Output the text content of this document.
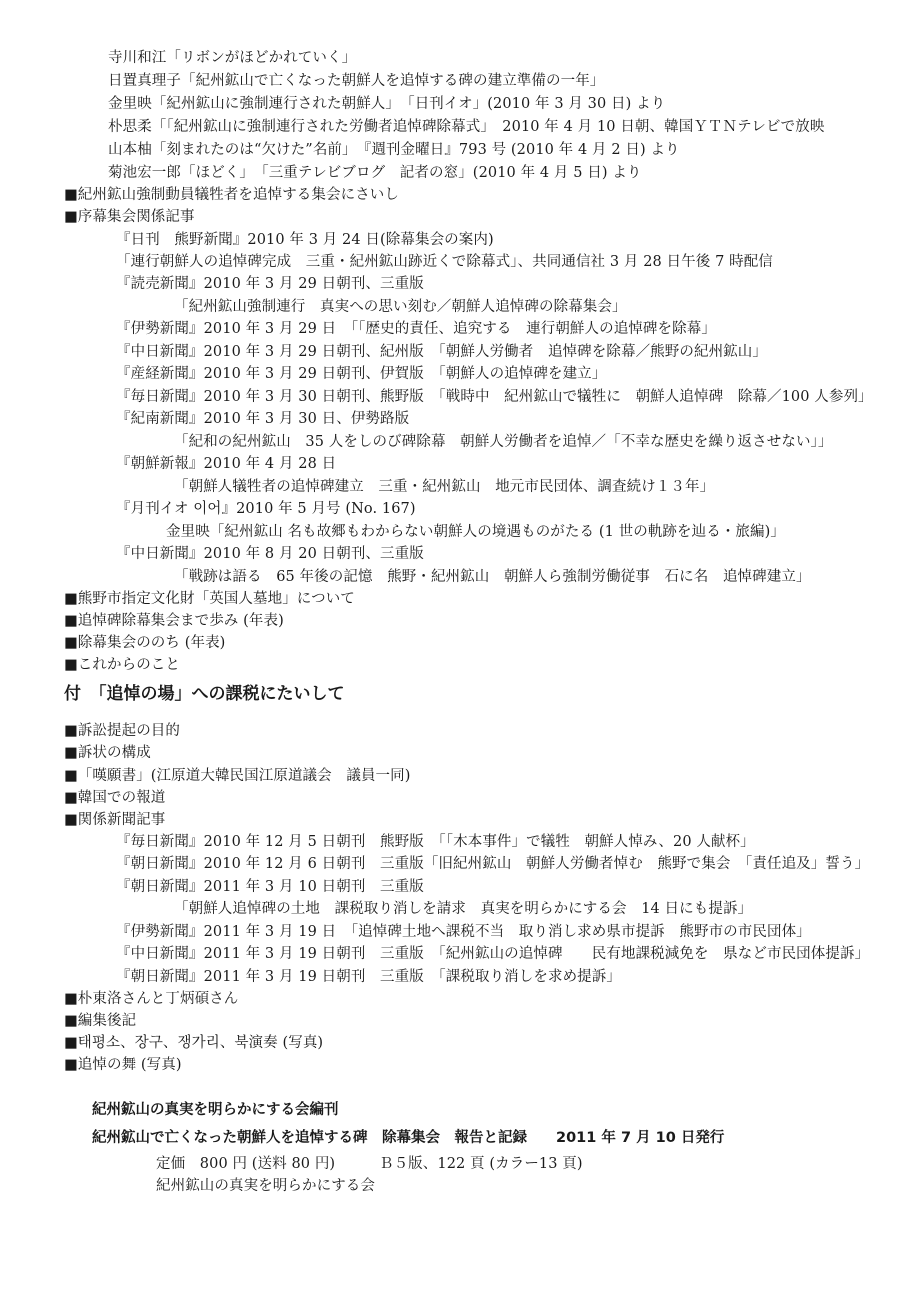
寺川和江「リボンがほどかれていく」
日置真理子「紀州鉱山で亡くなった朝鮮人を追悼する碑の建立準備の一年」
金里映「紀州鉱山に強制連行された朝鮮人」　「日刊イオ」(2010 年 3 月 30 日) より
朴思柔「「紀州鉱山に強制連行された労働者追悼碑除幕式」　2010 年 4 月 10 日朝、韓国ＹＴＮテレビで放映
山本柚「刻まれたのは“欠けた”名前」　『週刊金曜日』793 号 (2010 年 4 月 2 日) より
菊池宏一郎「ほどく」　「三重テレビブログ　記者の窓」(2010 年 4 月 5 日) より
■紀州鉱山強制動員犠牲者を追悼する集会にさいし
■序幕集会関係記事
『日刊　熊野新聞』2010 年 3 月 24 日(除幕集会の案内)
「連行朝鮮人の追悼碑完成　三重・紀州鉱山跡近くで除幕式」、共同通信社 3 月 28 日午後 7 時配信
『読売新聞』2010 年 3 月 29 日朝刊、三重版
「紀州鉱山強制連行　真実への思い刻む／朝鮮人追悼碑の除幕集会」
『伊勢新聞』2010 年 3 月 29 日　「「歴史的責任、追究する　連行朝鮮人の追悼碑を除幕」
『中日新聞』2010 年 3 月 29 日朝刊、紀州版　「朝鮮人労働者　追悼碑を除幕／熊野の紀州鉱山」
『産経新聞』2010 年 3 月 29 日朝刊、伊賀版　「朝鮮人の追悼碑を建立」
『毎日新聞』2010 年 3 月 30 日朝刊、熊野版　「戦時中　紀州鉱山で犠牲に　朝鮮人追悼碑　除幕／100 人参列」
『紀南新聞』2010 年 3 月 30 日、伊勢路版
「紀和の紀州鉱山　35 人をしのび碑除幕　朝鮮人労働者を追悼／「不幸な歴史を繰り返させない」」
『朝鮮新報』2010 年 4 月 28 日
「朝鮮人犠牲者の追悼碑建立　三重・紀州鉱山　地元市民団体、調査続け１３年」
『月刊イオ 이어』2010 年 5 月号 (No. 167)
金里映「紀州鉱山 名も故郷もわからない朝鮮人の境遇ものがたる (1 世の軌跡を辿る・旅編)」
『中日新聞』2010 年 8 月 20 日朝刊、三重版
「戦跡は語る　65 年後の記憶　熊野・紀州鉱山　朝鮮人ら強制労働従事　石に名　追悼碑建立」
■熊野市指定文化財「英国人墓地」について
■追悼碑除幕集会まで歩み (年表)
■除幕集会ののち (年表)
■これからのこと
付　「追悼の場」への課税にたいして
■訴訟提起の目的
■訴状の構成
■「嘆願書」(江原道大韓民国江原道議会　議員一同)
■韓国での報道
■関係新聞記事
『毎日新聞』2010 年 12 月 5 日朝刊　熊野版　「「木本事件」で犠牲　朝鮮人悼み、20 人献杯」
『朝日新聞』2010 年 12 月 6 日朝刊　三重版「旧紀州鉱山　朝鮮人労働者悼む　熊野で集会　「責任追及」誓う」
『朝日新聞』2011 年 3 月 10 日朝刊　三重版
「朝鮮人追悼碑の土地　課税取り消しを請求　真実を明らかにする会　14 日にも提訴」
『伊勢新聞』2011 年 3 月 19 日　「追悼碑土地へ課税不当　取り消し求め県市提訴　熊野市の市民団体」
『中日新聞』2011 年 3 月 19 日朝刊　三重版　「紀州鉱山の追悼碑　　民有地課税減免を　県など市民団体提訴」
『朝日新聞』2011 年 3 月 19 日朝刊　三重版　「課税取り消しを求め提訴」
■朴東洛さんと丁炳碩さん
■編集後記
■태평소、장구、쟁가리、북演奏 (写真)
■追悼の舞 (写真)
紀州鉱山の真実を明らかにする会編刊
紀州鉱山で亡くなった朝鮮人を追悼する碑　除幕集会　報告と記録　　2011 年 7 月 10 日発行
定価　800 円 (送料 80 円)　　　Ｂ５版、122 頁 (カラー13 頁)
紀州鉱山の真実を明らかにする会
